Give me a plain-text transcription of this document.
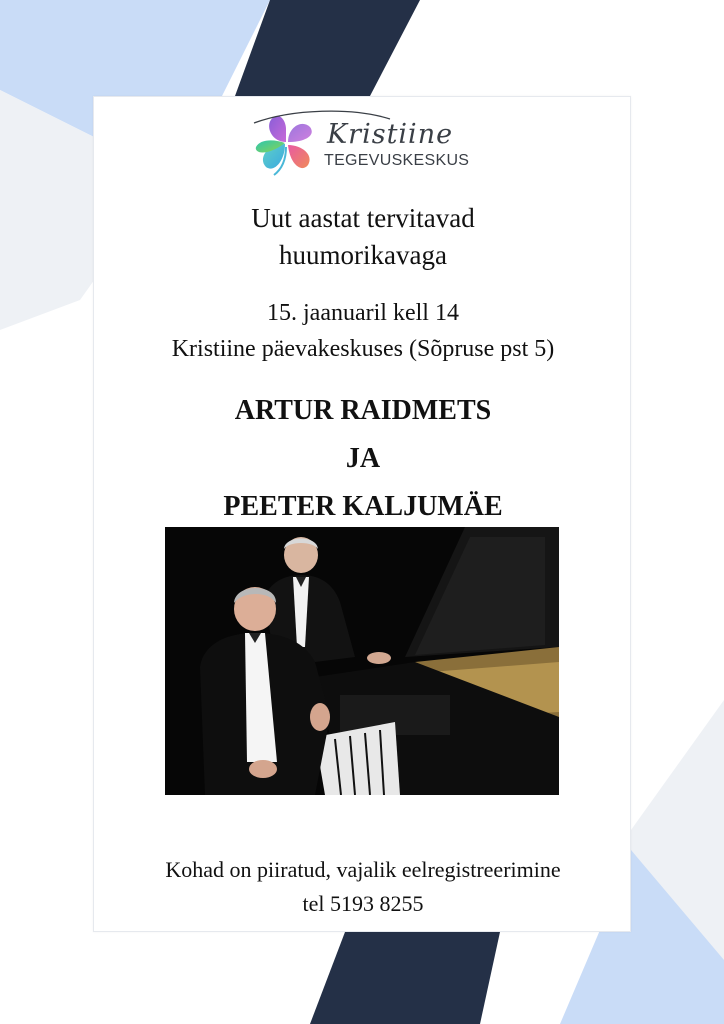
Kristiine
TEGEVUSKESKUS
Uut aastat tervitavad
huumorikavaga
15. jaanuaril kell 14
Kristiine päevakeskuses (Sõpruse pst 5)
ARTUR RAIDMETS
JA
PEETER KALJUMÄE
Kohad on piiratud, vajalik eelregistreerimine
tel 5193 8255
